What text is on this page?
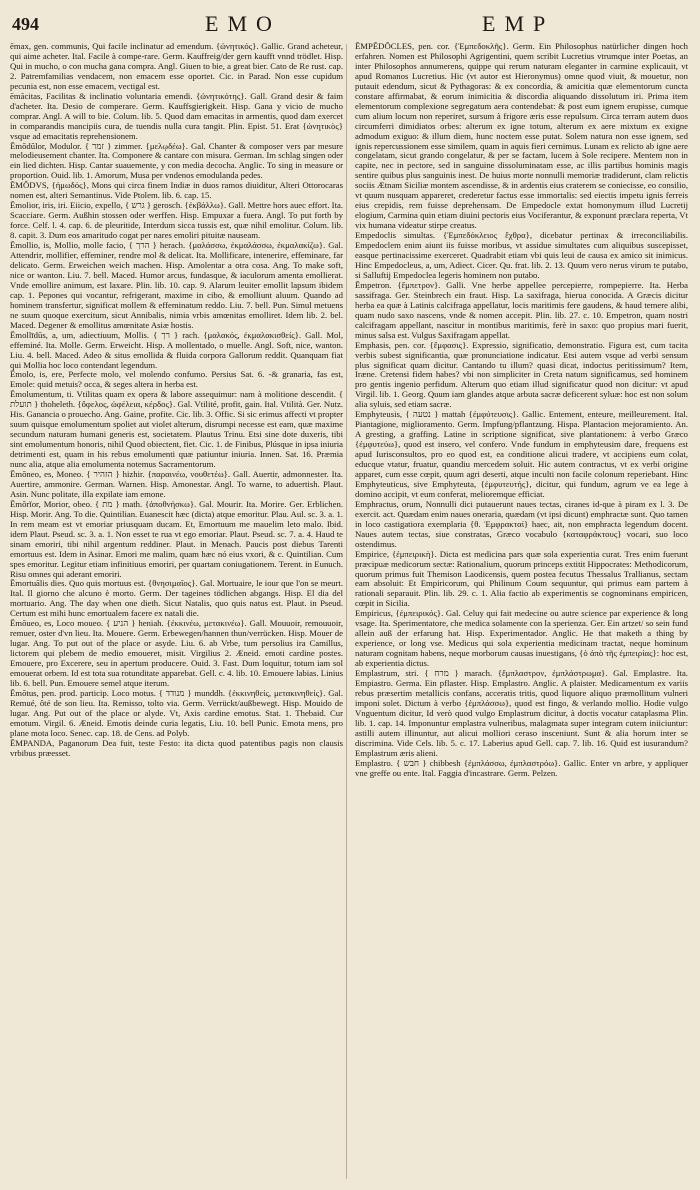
494	EMO	EMP

ēmax, gen. communis, Qui facile inclinatur ad emendum. {ὠνητικός}. Gallic. Grand acheteur, qui aime acheter. Ital. Facile à compe-rare. Germ. Kauffreig/der gern kaufft vnnd trödlet. Hisp. Qui in mucho, o con mucha gana compra. Angl. Giuen to bie, a great bier. Cato de Re rust. cap. 2. Patremfamilias vendacem, non emacem esse oportet. Cic. in Parad. Non esse cupidum pecunia est, non esse emacem, vectigal est.

ēmācitas, Facilitas & inclinatio voluntaria emendi. {ὠνητικότης}. Gall. Grand desir & faim d'acheter. Ita. Desio de comperare. Germ. Kauffsgierigkeit. Hisp. Gana y vicio de mucho comprar. Angl. A will to bie. Colum. lib. 5. Quod dam emacitas in armentis, quod dam exercet in comparandis mancipiis cura, de tuendis nulla cura tangit. Plin. Epist. 51. Erat {ὠνητικὸς} vsque ad emacitatis reprehensionem.

Ēmŏdŭlor, Modulor. { זמר } zimmer. {μελῳδέω}. Gal. Chanter & composer vers par mesure melodieusement chanter. Ita. Componere & cantare con misura. German. Im schlag singen oder ein lied dichten. Hisp. Cantar suauemente, y con media decocha. Anglic. To sing in measure or proportion. Ouid. lib. 1. Amorum, Musa per vndenos emodulanda pedes.

ĒMŎDVS, {ἠμωδός}, Mons qui circa finem Indiæ in duos ramos diuiditur, Alteri Ottorocaras nomen est, alteri Semantinus. Vide Ptolem. lib. 6. cap. 15.

Ēmolior, iris, iri. Eiicio, expello, { גרש } gerosch. {ἐκβάλλω}. Gall. Mettre hors auec effort. Ita. Scacciare. Germ. Außhin stossen oder werffen. Hisp. Empuxar a fuera. Angl. To put forth by force. Celf. l. 4. cap. 6. de pleuritide, Interdum sicca tussis est, quæ nihil emolitur. Colum. lib. 8. capit. 3. Dum eos amaritudo cogat per nares emoliri pituitæ nauseam.

Ēmollio, is, Mollio, molle facio, { הרך } herach. {μαλάσσω, ἐκμαλάσσω, ἐκμαλακίζω}. Gal. Attendrir, mollifier, effeminer, rendre mol & delicat. Ita. Mollificare, intenerire, effeminare, far delicato. Germ. Erweichen weich machen. Hisp. Amolentar a otra cosa. Ang. To make soft, nice or wanton. Liu. 7. bell. Maced. Humor arcus, fundasque, & iaculorum amenta emollierat. Vnde emollire animum, est laxare. Plin. lib. 10. cap. 9. Alarum leuiter emollit lapsum ibidem cap. 1. Pepones qui vocantur, refrigerant, maxime in cibo, & emolliunt aluum. Quando ad hominem transfertur, significat mollem & effeminatum reddo. Liu. 7. bell. Pun. Simul metuens ne suum quoque exercitum, sicut Annibalis, nimia vrbis amœnitas emolliret. Idem lib. 2. bel. Maced. Degener & emollitus amœnitate Asiæ hostis.

Ēmollīdūs, a, um, adiectiuum, Mollis. { רך } rach. {μαλακός, ἐκμαλακισθείς}. Gall. Mol, effeminé. Ita. Molle. Germ. Erweicht. Hisp. A mollentado, o muelle. Angl. Soft, nice, wanton. Liu. 4. bell. Maced. Adeo & situs emollida & fluida corpora Gallorum reddit. Quanquam fiat qui Mollia hoc loco contendant legendum.

Ēmolo, is, ere, Perfecte molo, vel molendo confumo. Persius Sat. 6. -& granaria, fas est, Emole: quid metuis? occa, & seges altera in herba est.

Ēmolumentum, ti. Vtilitas quam ex opera & labore assequimur: nam à molitione descendit. { תועלת } thoheleth. {ὄφελος, ὠφέλεια, κέρδος}. Gal. Vtilité, profit, gain. Ital. Vtilità. Ger. Nutz. His. Ganancia o prouecho. Ang. Gaine, profite. Cic. lib. 3. Offic. Si sic erimus affecti vt propter suum quisque emolumentum spoliet aut violet alterum, disrumpi necesse est eam, quæ maxime secundum naturam humani generis est, societatem. Plautus Trinu. Etsi sine dote duxeris, tibi sint emolumentum honoris, nihil Quod obiectent, fiet. Cic. 1. de Finibus, Plúsque in ipsa iniuria detrimenti est, quam in his rebus emolumenti quæ patiuntur iniuria. Innen. Sat. 16. Præmia nunc alia, atque alia emolumenta notemus Sacramentorum.

Ēmŏneo, es, Moneo. { הזהיר } hizhir. {παραινέω, νουθετέω}. Gall. Auertir, admonnester. Ita. Auertire, ammonire. German. Warnen. Hisp. Amonestar. Angl. To warne, to aduertish. Plaut. Asin. Nunc politate, illa expilate iam emone.

Ēmŏrĭor, Morior, obeo. { מת } math. {ἀποθνήσκω}. Gal. Mourir. Ita. Morire. Ger. Erblichen. Hisp. Morir. Ang. To die. Quintilian. Euanescit hæc (dicta) atque emoritur. Plau. Aul. sc. 3. a. 1. In rem meam est vt emoriar priusquam ducam. Et, Emortuum me mauelim leto malo. Ibid. idem Plaut. Pseud. sc. 3. a. 1. Non esset te rua vt ego emoriar. Plaut. Pseud. sc. 7. a. 4. Haud te sinam emoriri, tibi nihil argentum reddiner. Plaut. in Menach. Paucis post diebus Tarenti emortuus est. Idem in Asinar. Emori me malim, quam hæc nó eius vxori, & c. Quintilian. Cum spes emoritur. Legitur etiam infinitiuus emoriri, per quartam coniugationem. Terent. in Eunuch. Risu omnes qui aderant emoriri.

Ēmortuālis dies. Quo quis mortuus est. {θνησιμαῖος}. Gal. Mortuaire, le iour que l'on se meurt. Ital. Il giorno che alcuno è morto. Germ. Der tageines tödlichen abgangs. Hisp. El dia del mortuario. Ang. The day when one dieth. Sicut Natalis, quo quis natus est. Plaut. in Pseud. Certum est mihi hunc emortualem facere ex natali die.

Ēmŏueo, es, Loco moueo. { הניע } heniah. {ἐκκινέω, μετακινέω}. Gall. Mouuoir, remouuoir, remuer, oster d'vn lieu. Ita. Mouere. Germ. Erbewegen/hannen thun/verrücken. Hisp. Mouer de lugar. Ang. To put out of the place or asyde. Liu. 6. ab Vrbe, tum persolius ira Camillus, lictorem qui plebem de medio emoueret, misit. Virgilius 2. Æneid. emoti cardine postes. Emouere, pro Excerere, seu in apertum producere. Ouid. 3. Fast. Dum loquitur, totum iam sol emouerat orbem. Id est tota sua rotunditate apparebat. Gell. c. 4. lib. 10. Emouere labias. Linius lib. 6. bell. Pun. Emouere semel atque iterum.

Ēmōtus, pen. prod. particip. Loco motus. { מנודד } munddh. {ἐκκινηθείς, μετακινηθείς}. Gal. Remué, ôté de son lieu. Ita. Remisso, tolto via. Germ. Verrückt/außbewegt. Hisp. Mouido de lugar. Ang. Put out of the place or alyde. Vt, Axis cardine emotus. Stat. 1. Thebaid. Cur emotum. Virgil. 6. Æneid. Emotis deinde curia legatis, Liu. 10. bell Punic. Emota mens, pro plane mota loco. Senec. cap. 18. de Cens. ad Polyb.

ĒMPANDA, Paganorum Dea fuit, teste Festo: ita dicta quod patentibus pagis non clausis vrbibus præesset.

ĒMPĔDŎCLES, pen. cor. {Ἐμπεδοκλῆς}. Germ. Ein Philosophus natürlicher dingen hoch erfahren. Nomen est Philosophi Agrigentini, quem scribit Lucretius vtrumque inter Poetas, an inter Philosophos annumerens, quippe qui rerum naturam eleganter in carmine explicauit, vt apud Romanos Lucretius. Hic (vt autor est Hieronymus) omne quod viuit, & mouetur, non putauit edendum, sicut & Pythagoras: & ex concordia, & amicitia quæ elementorum cuncta constare affirmabat, & eorum inimicitia & discordia aliquando dissolutum iri. Prima item elementorum complexione segregatum aera contendebat: & post eum ignem erupisse, cumque cum alium locum non reperiret, sursum à frigore æris esse repulsum. Circa terram autem duos circumferri dimidiatos orbes: alterum ex igne totum, alterum ex aere mixtum ex exigne admodum exiguo: & illum diem, hunc noctem esse putat. Solem natura non esse ignem, sed ignis repercussionem esse similem, quam in aquis fieri cernimus. Lunam ex relicto ab igne aere congelatam, sicut grando congelatur, & per se factam, lucem à Sole recipere. Mentem non in capite, nec in pectore, sed in sanguine dissoluminatam esse, ac illis partibus hominis magis sentire quibus plus sanguinis inest. De huius morte nonnulli memoriæ tradiderunt, clam relictis sociis Ætnam Siciliæ montem ascendisse, & in ardentis eius craterem se coniecisse, eo consilio, vt quum nusquam appareret, crederetur factus esse immortalis: sed eiectis impetu ignis ferreis eius crepidis, rem fuisse deprehensam. De Empedocle extat homonymum illud Lucretij elogium, Carmina quin etiam diuini pectoris eius Vociferantur, & exponunt præclara reperta, Vt vix humana videatur stirpe creatus.

Empedoclis simultas. {Ἐμπεδόκλειος ἔχθρα}, dicebatur pertinax & irreconciliabilis. Empedoclem enim aiunt iis fuisse moribus, vt assidue simultates cum aliquibus suscepisset, easque pertinacissime exerceret. Quadrabit etiam vbi quis leui de causa ex amico sit inimicus. Hinc Empedocleus, a, um, Adiect. Cicer. Qu. frat. lib. 2. 13. Quum vero nerus virum te putabo, si Salluftij Empedoclea legeris hominem non putabo.

Ēmpetron. {ἔμπετρον}. Galli. Vne herbe appellee percepierre, rompepierre. Ita. Herba sassifraga. Ger. Steinbrech ein fraut. Hisp. La saxifraga, hierua conocida. A Græcis dicitur herba ea quæ à Latinis calcifraga appellatur, locis maritimis fere gaudens, & haud temere alibi, quam nudo saxo nascens, vnde & nomen accepit. Plin. lib. 27. c. 10. Empetron, quam nostri calcifragam appellant, nascitur in montibus maritimis, ferè in saxo: quo propius mari fuerit, minus salsa est. Vulgus Saxifragam appellat.

Emphasis, pen. cor. {ἔμφασις}. Expressio, significatio, demonstratio. Figura est, cum tacita verbis subest significantia, quæ pronunciatione indicatur. Etsi autem vsque ad verbi sensum plus significat quam dicitur. Cantando tu illum? quasi dicat, indoctus peritissimum? Item, Iræne. Cretensi fidem habes? vbi non simpliciter in Creta natum significamus, sed hominem pro gentis ingenio perfidum. Alterum quo etiam illud significatur quod non dicitur: vt apud Virgil. lib. 1. Georg. Quum iam glandes atque arbuta sacræ deficerent syluæ: hoc est non solum alia syluis, sed etiam sacræ.

Emphyteusis, { נטעה } mattah {ἐμφύτευσις}. Gallic. Entement, enteure, meilleurement. Ital. Piantagione, miglioramento. Germ. Impfung/pflantzung. Hispa. Plantacion mejoramiento. An. A gresting, a graffing. Latine in scriptione significat, sive plantationem: à verbo Græco {ἐμφυτεύω}, quod est insero, vel confero. Vnde fundum in emphyteusim dare, frequens est apud Iurisconsultos, pro eo quod est, ea conditione alicui tradere, vt accipiens eum colat, educque vtatur, fruatur, quandiu mercedem soluit. Hic autem contractus, vt ex verbi origine apparet, cum esse cœpit, quum agri deserti, atque inculti non facile colonum reperiebant. Hinc Emphyteuticus, sive Emphyteuta, {ἐμφυτευτής}, dicitur, qui fundum, agrum ve ea lege à domino accipit, vt eum conferat, melioremque efficiat.

Emphractus, orum, Nonnulli dici putauerunt naues tectas, ciranes id-que à piram ex l. 3. De exercit. act. Quædam enim naues oneraria, quædam (vt ipsi dicunt) emphractæ sunt. Quo tamen in loco castigatiora exemplaria {θ. Ἐμφρακταί} haec, ait, non emphracta legendum docent. Naues autem tectas, siue constratas, Græco vocabulo {καταφράκτους} vocari, suo loco ostendimus.

Empirice, {ἐμπειρικὴ}. Dicta est medicina pars quæ sola experientia curat. Tres enim fuerunt præcipuæ medicorum sectæ: Rationalium, quorum princeps extitit Hippocrates: Methodicorum, quorum primus fuit Themison Laodicensis, quem postea fecutus Thessalus Trallianus, sectam eam absoluit: Et Empiricorum, qui Philinum Coum sequuntur, qui primus eam partem à rationali separauit. Plin. lib. 29. c. 1. Alia factio ab experimentis se cognominans empiricen, cœpit in Sicilia.

Empiricus, {ἐμπειρικός}. Gal. Celuy qui fait medecine ou autre science par experience & long vsage. Ita. Sperimentatore, che medica solamente con la sperienza. Ger. Ein artzet/ so sein fund allein auß der erfarung hat. Hisp. Experimentador. Anglic. He that maketh a thing by experience, or long vse. Medicus qui sola experientia medicinam tractat, neque hominum naturam cognitam habens, neque morborum causas inuestigans, {ὁ ἀπὸ τῆς ἐμπειρίας}: hoc est, ab experientia dictus.

Emplastrum, stri. { מרח } marach. {ἔμπλαστρον, ἐμπλάστρωμα}. Gal. Emplastre. Ita. Empiastro. Germa. Ein pflaster. Hisp. Emplastro. Anglic. A plaister. Medicamentum ex variis rebus præsertim metallicis confans, acceratis tritis, quod liquore aliquo præmollitum vulneri imponi solet. Dictum à verbo {ἐμπλάσσω}, quod est fingo, & verlando mollio. Hodie vulgo Vnguentum dicitur, Id verò quod vulgo Emplastrum dicitur, à doctis vocatur cataplasma Plin. lib. 1. cap. 14. Imponuntur emplastra vulneribus, malagmata super integram cutem iniiciuntur: astilli autem illinuntur, aut alicui molliori ceraso insceniunt. Sunt & alia horum inter se discrimina. Vide Cels. lib. 5. c. 17. Laberius apud Gell. cap. 7. lib. 16. Quid est iusurandum? Emplastrum æris alieni.

Emplastro. { חבש } chibbesh {ἐμπλάσσω, ἐμπλαστρόω}. Gallic. Enter vn arbre, y appliquer vne greffe ou ente. Ital. Faggia d'incastrare. Germ. Pelzen.
